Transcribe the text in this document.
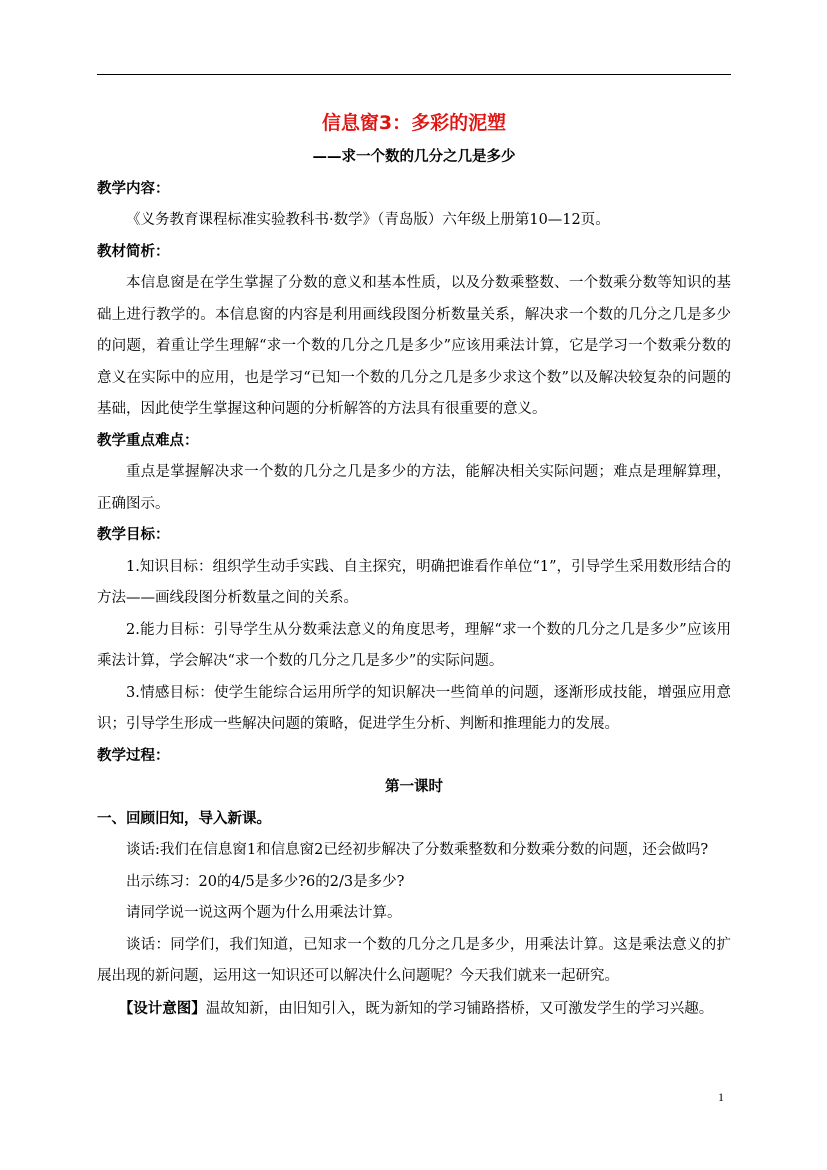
信息窗3：多彩的泥塑
——求一个数的几分之几是多少
教学内容：

《义务教育课程标准实验教科书·数学》（青岛版）六年级上册第10—12页。

教材简析：

本信息窗是在学生掌握了分数的意义和基本性质，以及分数乘整数、一个数乘分数等知识的基础上进行教学的。本信息窗的内容是利用画线段图分析数量关系，解决求一个数的几分之几是多少的问题，着重让学生理解“求一个数的几分之几是多少”应该用乘法计算，它是学习一个数乘分数的意义在实际中的应用，也是学习“已知一个数的几分之几是多少求这个数”以及解决较复杂的问题的基础，因此使学生掌握这种问题的分析解答的方法具有很重要的意义。

教学重点难点：

重点是掌握解决求一个数的几分之几是多少的方法，能解决相关实际问题；难点是理解算理，正确图示。

教学目标：

1.知识目标：组织学生动手实践、自主探究，明确把谁看作单位“1”，引导学生采用数形结合的方法——画线段图分析数量之间的关系。

2.能力目标：引导学生从分数乘法意义的角度思考，理解“求一个数的几分之几是多少”应该用乘法计算，学会解决“求一个数的几分之几是多少”的实际问题。

3.情感目标：使学生能综合运用所学的知识解决一些简单的问题，逐渐形成技能，增强应用意识；引导学生形成一些解决问题的策略，促进学生分析、判断和推理能力的发展。

教学过程：
第一课时
一、回顾旧知，导入新课。

谈话:我们在信息窗1和信息窗2已经初步解决了分数乘整数和分数乘分数的问题，还会做吗?

出示练习：20的4/5是多少?6的2/3是多少?

请同学说一说这两个题为什么用乘法计算。

谈话：同学们，我们知道，已知求一个数的几分之几是多少，用乘法计算。这是乘法意义的扩展出现的新问题，运用这一知识还可以解决什么问题呢？今天我们就来一起研究。

【设计意图】温故知新，由旧知引入，既为新知的学习铺路搭桥，又可激发学生的学习兴趣。

1
